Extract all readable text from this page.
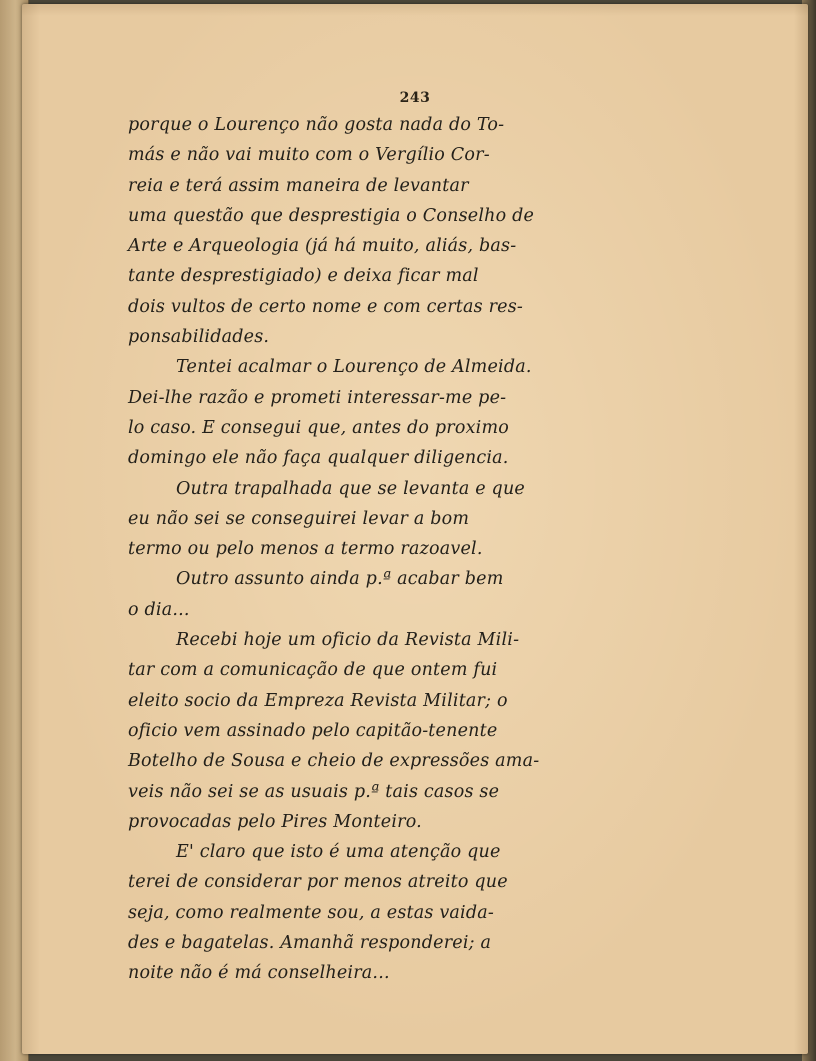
243
porque o Lourenço não gosta nada do To-
más e não vai muito com o Vergílio Cor-
reia e terá assim maneira de levantar
uma questão que desprestigia o Conselho de
Arte e Arqueologia (já há muito, aliás, bas-
tante desprestigiado) e deixa ficar mal
dois vultos de certo nome e com certas res-
ponsabilidades.
Tentei acalmar o Lourenço de Almeida.
Dei-lhe razão e prometi interessar-me pe-
lo caso. E consegui que, antes do proximo
domingo ele não faça qualquer diligencia.
Outra trapalhada que se levanta e que
eu não sei se conseguirei levar a bom
termo ou pelo menos a termo razoavel.
Outro assunto ainda p.ª acabar bem
o dia...
Recebi hoje um oficio da Revista Mili-
tar com a comunicação de que ontem fui
eleito socio da Empreza Revista Militar; o
oficio vem assinado pelo capitão-tenente
Botelho de Sousa e cheio de expressões ama-
veis não sei se as usuais p.ª tais casos se
provocadas pelo Pires Monteiro.
E' claro que isto é uma atenção que
terei de considerar por menos atreito que
seja, como realmente sou, a estas vaida-
des e bagatelas. Amanhã responderei; a
noite não é má conselheira...
